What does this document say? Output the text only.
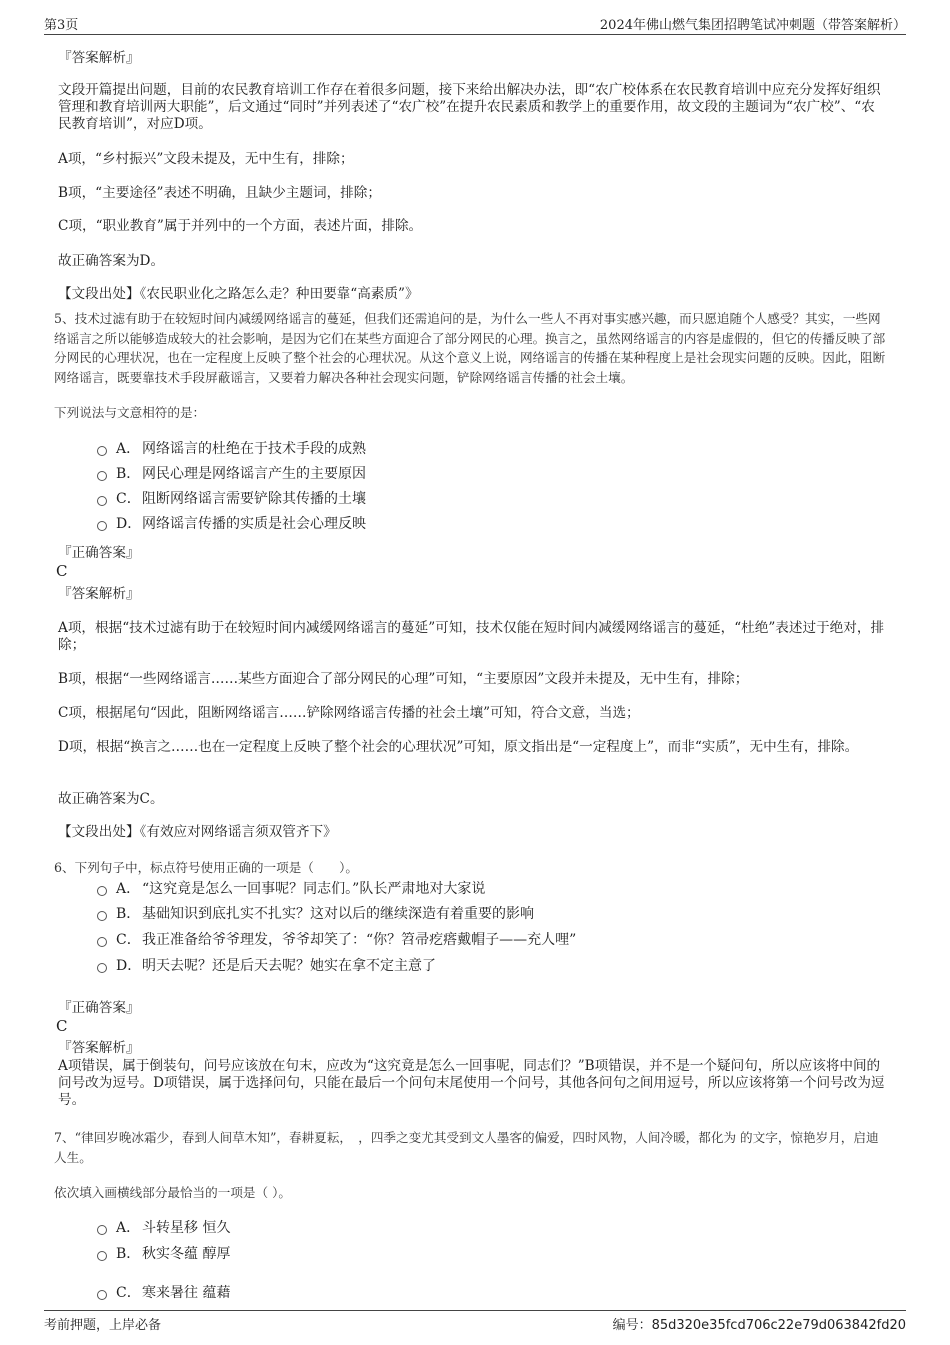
第3页	2024年佛山燃气集团招聘笔试冲刺题（带答案解析）
『答案解析』
文段开篇提出问题，目前的农民教育培训工作存在着很多问题，接下来给出解决办法，即“农广校体系在农民教育培训中应充分发挥好组织管理和教育培训两大职能”，后文通过“同时”并列表述了“农广校”在提升农民素质和教学上的重要作用，故文段的主题词为“农广校”、“农民教育培训”，对应D项。
A项，“乡村振兴”文段未提及，无中生有，排除；
B项，“主要途径”表述不明确，且缺少主题词，排除；
C项，“职业教育”属于并列中的一个方面，表述片面，排除。
故正确答案为D。
【文段出处】《农民职业化之路怎么走？种田要靠“高素质”》
5、技术过滤有助于在较短时间内减缓网络谣言的蔓延，但我们还需追问的是，为什么一些人不再对事实感兴趣，而只愿追随个人感受？其实，一些网络谣言之所以能够造成较大的社会影响，是因为它们在某些方面迎合了部分网民的心理。换言之，虽然网络谣言的内容是虚假的，但它的传播反映了部分网民的心理状况，也在一定程度上反映了整个社会的心理状况。从这个意义上说，网络谣言的传播在某种程度上是社会现实问题的反映。因此，阻断网络谣言，既要靠技术手段屏蔽谣言，又要着力解决各种社会现实问题，铲除网络谣言传播的社会土壤。
下列说法与文意相符的是：
A． 网络谣言的杜绝在于技术手段的成熟
B． 网民心理是网络谣言产生的主要原因
C．阻断网络谣言需要铲除其传播的土壤
D．网络谣言传播的实质是社会心理反映
『正确答案』
C
『答案解析』
A项，根据“技术过滤有助于在较短时间内减缓网络谣言的蔓延”可知，技术仅能在短时间内减缓网络谣言的蔓延，“杜绝”表述过于绝对，排除；
B项，根据“一些网络谣言……某些方面迎合了部分网民的心理”可知，“主要原因”文段并未提及，无中生有，排除；
C项，根据尾句“因此，阻断网络谣言……铲除网络谣言传播的社会土壤”可知，符合文意，当选；
D项，根据“换言之……也在一定程度上反映了整个社会的心理状况”可知，原文指出是“一定程度上”，而非“实质”，无中生有，排除。
故正确答案为C。
【文段出处】《有效应对网络谣言须双管齐下》
6、下列句子中，标点符号使用正确的一项是（　　）。
A． “这究竟是怎么一回事呢？同志们。”队长严肃地对大家说
B． 基础知识到底扎实不扎实？这对以后的继续深造有着重要的影响
C．我正准备给爷爷理发，爷爷却笑了：“你？笤帚疙瘩戴帽子——充人哩”
D．明天去呢？还是后天去呢？她实在拿不定主意了
『正确答案』
C
『答案解析』
A项错误，属于倒装句，问号应该放在句末，应改为“这究竟是怎么一回事呢，同志们？”B项错误，并不是一个疑问句，所以应该将中间的问号改为逗号。D项错误，属于选择问句，只能在最后一个问句末尾使用一个问号，其他各问句之间用逗号，所以应该将第一个问号改为逗号。
7、“律回岁晚冰霜少，春到人间草木知”，春耕夏耘，　，四季之变尤其受到文人墨客的偏爱，四时风物，人间冷暖，都化为 的文字，惊艳岁月，启迪人生。
依次填入画横线部分最恰当的一项是（ ）。
A． 斗转星移 恒久
B． 秋实冬蕴 醇厚
C．寒来暑往 蕴藉
考前押题，上岸必备	编号：85d320e35fcd706c22e79d063842fd20
